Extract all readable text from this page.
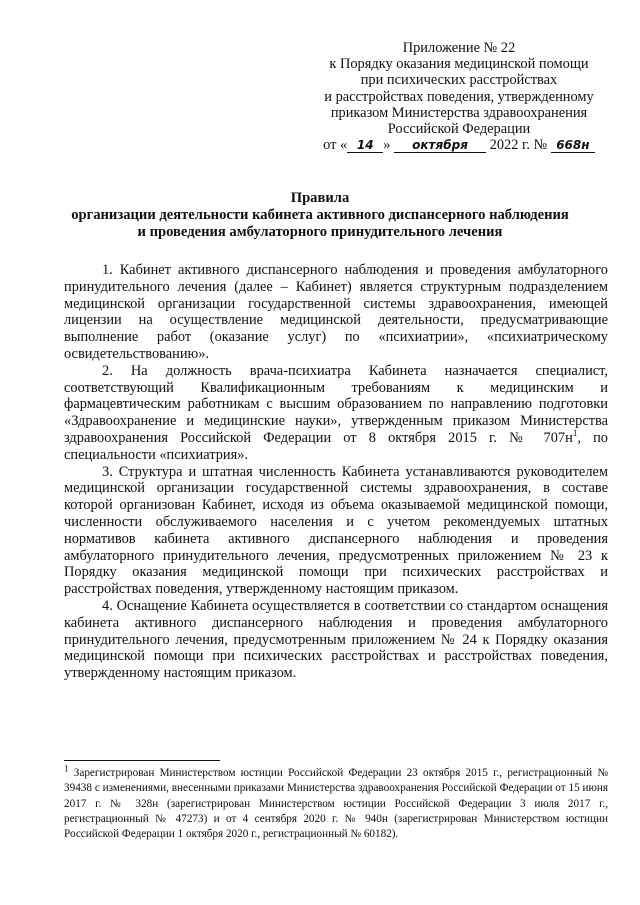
Приложение № 22
к Порядку оказания медицинской помощи
при психических расстройствах
и расстройствах поведения, утвержденному
приказом Министерства здравоохранения
Российской Федерации
от « 14 » октября 2022 г. № 668н
Правила
организации деятельности кабинета активного диспансерного наблюдения
и проведения амбулаторного принудительного лечения

1. Кабинет активного диспансерного наблюдения и проведения амбулаторного принудительного лечения (далее – Кабинет) является структурным подразделением медицинской организации государственной системы здравоохранения, имеющей лицензии на осуществление медицинской деятельности, предусматривающие выполнение работ (оказание услуг) по «психиатрии», «психиатрическому освидетельствованию».

2. На должность врача-психиатра Кабинета назначается специалист, соответствующий Квалификационным требованиям к медицинским и фармацевтическим работникам с высшим образованием по направлению подготовки «Здравоохранение и медицинские науки», утвержденным приказом Министерства здравоохранения Российской Федерации от 8 октября 2015 г. № $707н^1$, по специальности «психиатрия».

3. Структура и штатная численность Кабинета устанавливаются руководителем медицинской организации государственной системы здравоохранения, в составе которой организован Кабинет, исходя из объема оказываемой медицинской помощи, численности обслуживаемого населения и с учетом рекомендуемых штатных нормативов кабинета активного диспансерного наблюдения и проведения амбулаторного принудительного лечения, предусмотренных приложением № 23 к Порядку оказания медицинской помощи при психических расстройствах и расстройствах поведения, утвержденному настоящим приказом.

4. Оснащение Кабинета осуществляется в соответствии со стандартом оснащения кабинета активного диспансерного наблюдения и проведения амбулаторного принудительного лечения, предусмотренным приложением № 24 к Порядку оказания медицинской помощи при психических расстройствах и расстройствах поведения, утвержденному настоящим приказом.

$^1$ Зарегистрирован Министерством юстиции Российской Федерации 23 октября 2015 г., регистрационный № 39438 с изменениями, внесенными приказами Министерства здравоохранения Российской Федерации от 15 июня 2017 г. № 328н (зарегистрирован Министерством юстиции Российской Федерации 3 июля 2017 г., регистрационный № 47273) и от 4 сентября 2020 г. № 940н (зарегистрирован Министерством юстиции Российской Федерации 1 октября 2020 г., регистрационный № 60182).
